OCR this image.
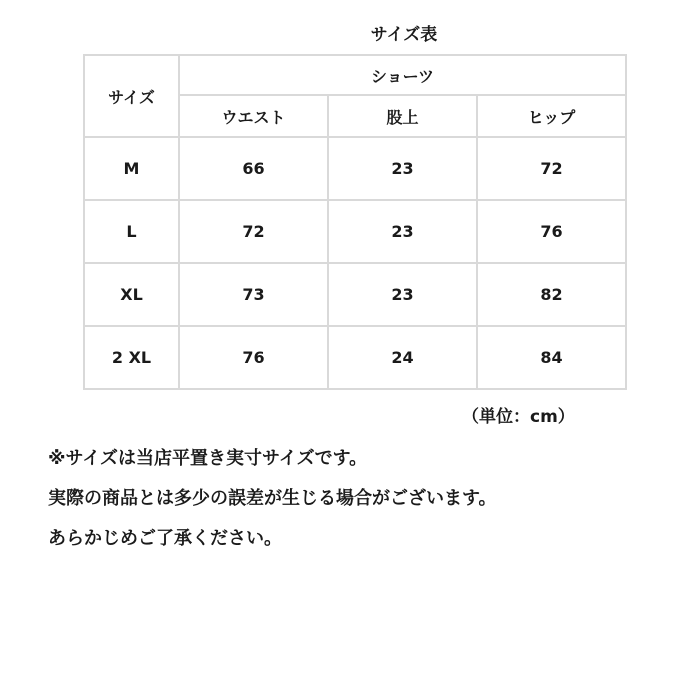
サイズ表
サイズ	ショーツ		
	ウエスト	股上	ヒップ
M	66	23	72
L	72	23	76
XL	73	23	82
2 XL	76	24	84
（単位：cm）
※サイズは当店平置き実寸サイズです。
実際の商品とは多少の誤差が生じる場合がございます。
あらかじめご了承ください。
